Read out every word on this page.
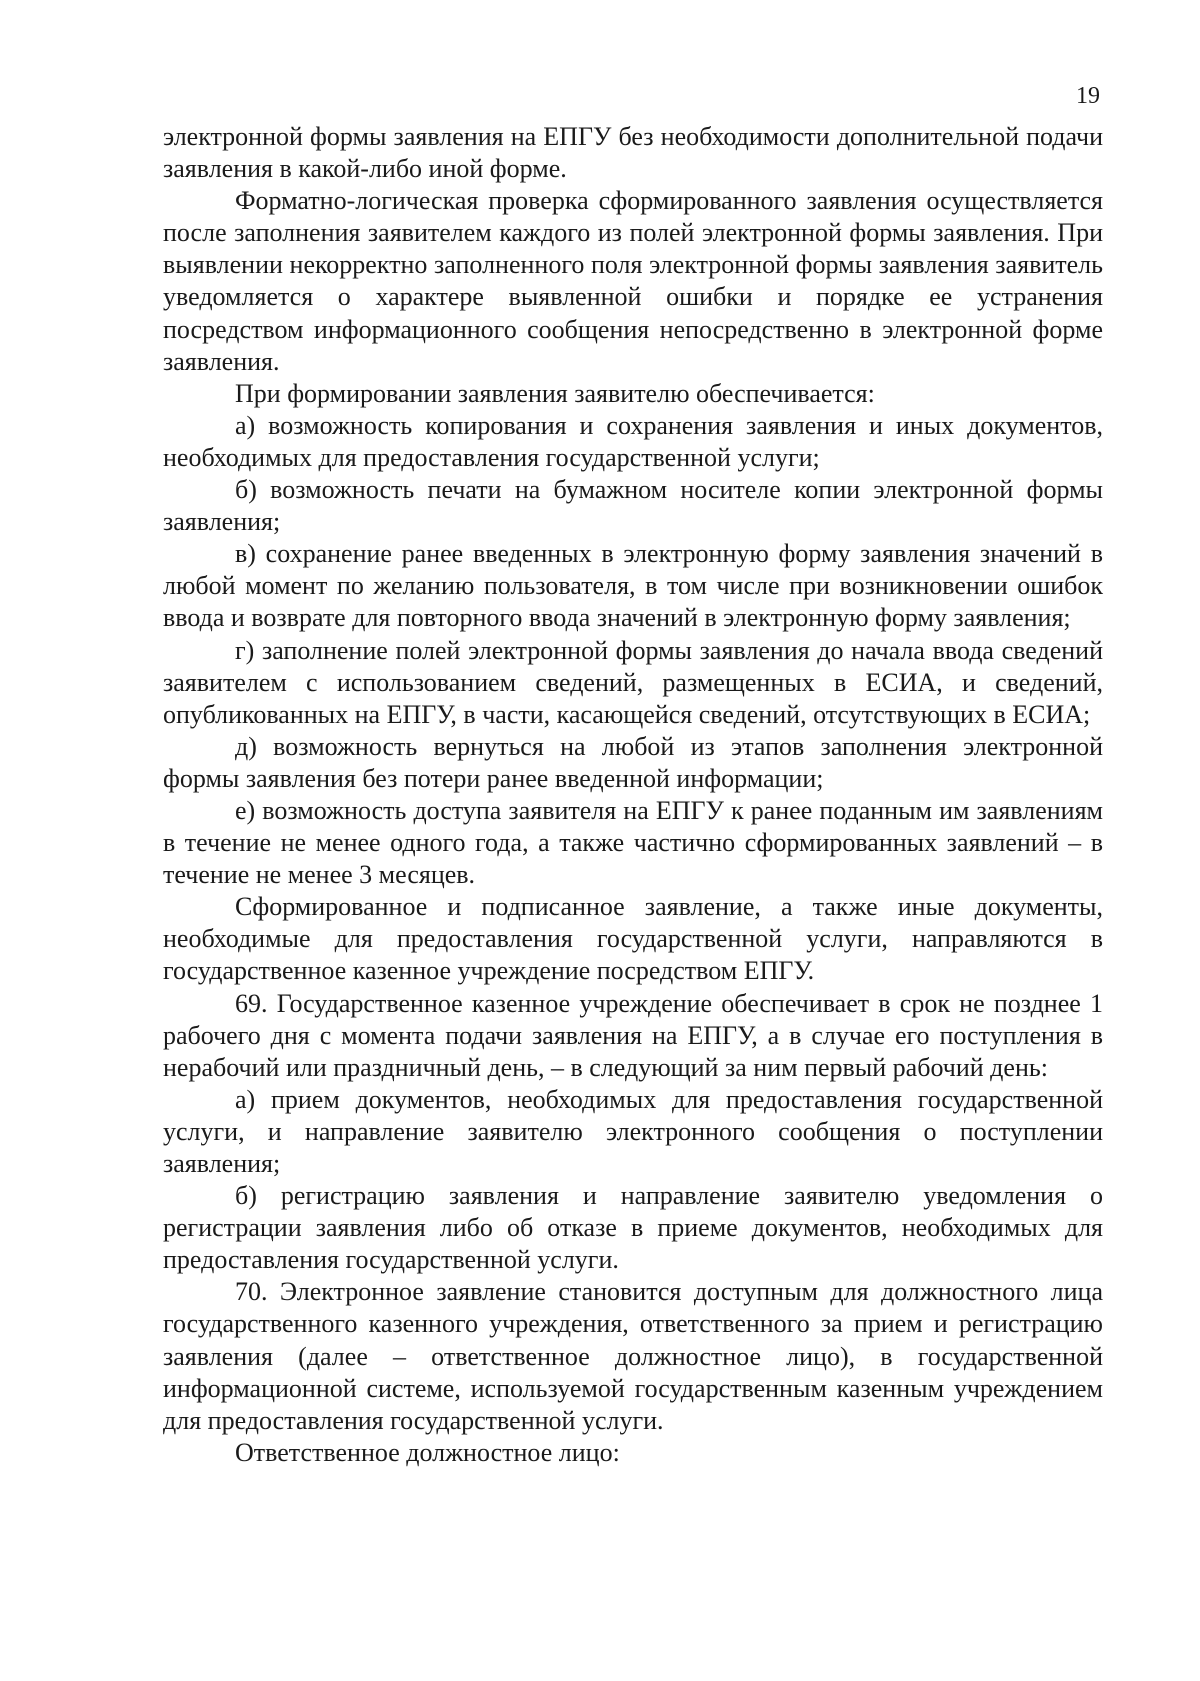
19

электронной формы заявления на ЕПГУ без необходимости дополнительной подачи заявления в какой-либо иной форме.

Форматно-логическая проверка сформированного заявления осуществляется после заполнения заявителем каждого из полей электронной формы заявления. При выявлении некорректно заполненного поля электронной формы заявления заявитель уведомляется о характере выявленной ошибки и порядке ее устранения посредством информационного сообщения непосредственно в электронной форме заявления.

При формировании заявления заявителю обеспечивается:

а) возможность копирования и сохранения заявления и иных документов, необходимых для предоставления государственной услуги;

б) возможность печати на бумажном носителе копии электронной формы заявления;

в) сохранение ранее введенных в электронную форму заявления значений в любой момент по желанию пользователя, в том числе при возникновении ошибок ввода и возврате для повторного ввода значений в электронную форму заявления;

г) заполнение полей электронной формы заявления до начала ввода сведений заявителем с использованием сведений, размещенных в ЕСИА, и сведений, опубликованных на ЕПГУ, в части, касающейся сведений, отсутствующих в ЕСИА;

д) возможность вернуться на любой из этапов заполнения электронной формы заявления без потери ранее введенной информации;

е) возможность доступа заявителя на ЕПГУ к ранее поданным им заявлениям в течение не менее одного года, а также частично сформированных заявлений – в течение не менее 3 месяцев.

Сформированное и подписанное заявление, а также иные документы, необходимые для предоставления государственной услуги, направляются в государственное казенное учреждение посредством ЕПГУ.

69. Государственное казенное учреждение обеспечивает в срок не позднее 1 рабочего дня с момента подачи заявления на ЕПГУ, а в случае его поступления в нерабочий или праздничный день, – в следующий за ним первый рабочий день:

а) прием документов, необходимых для предоставления государственной услуги, и направление заявителю электронного сообщения о поступлении заявления;

б) регистрацию заявления и направление заявителю уведомления о регистрации заявления либо об отказе в приеме документов, необходимых для предоставления государственной услуги.

70. Электронное заявление становится доступным для должностного лица государственного казенного учреждения, ответственного за прием и регистрацию заявления (далее – ответственное должностное лицо), в государственной информационной системе, используемой государственным казенным учреждением для предоставления государственной услуги.

Ответственное должностное лицо:
